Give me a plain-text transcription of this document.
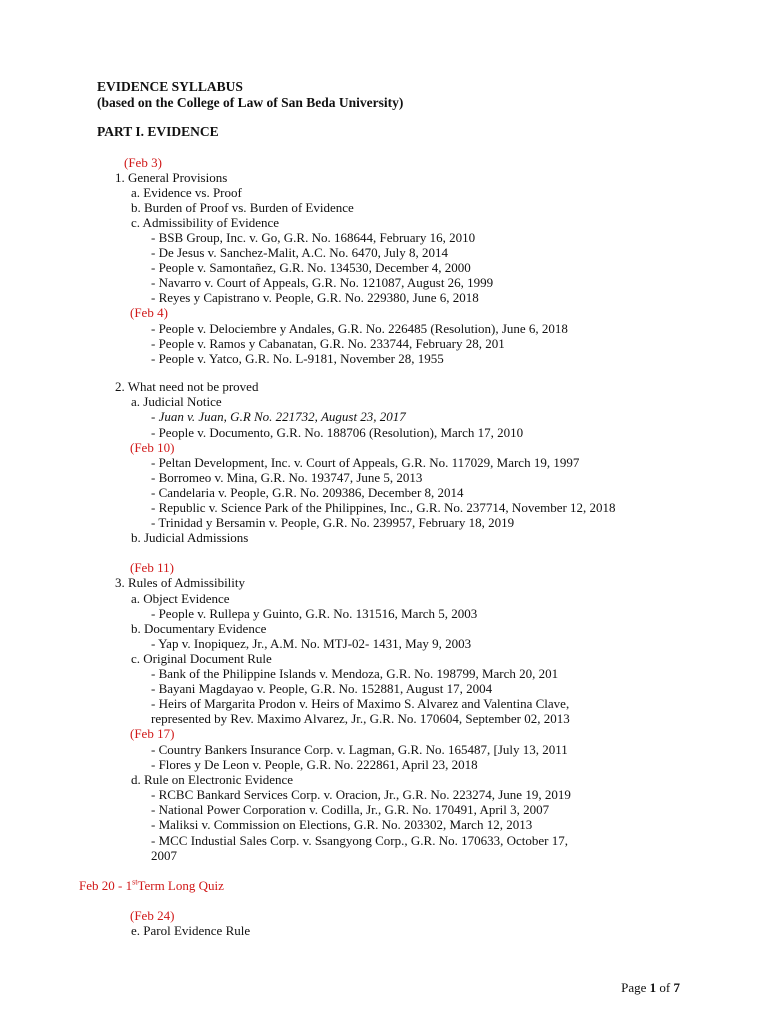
EVIDENCE SYLLABUS
(based on the College of Law of San Beda University)
PART I. EVIDENCE
(Feb 3)
1. General Provisions
a. Evidence vs. Proof
b. Burden of Proof vs. Burden of Evidence
c. Admissibility of Evidence
- BSB Group, Inc. v. Go, G.R. No. 168644, February 16, 2010
- De Jesus v. Sanchez-Malit, A.C. No. 6470, July 8, 2014
- People v. Samontañez, G.R. No. 134530, December 4, 2000
- Navarro v. Court of Appeals, G.R. No. 121087, August 26, 1999
- Reyes y Capistrano v. People, G.R. No. 229380, June 6, 2018
(Feb 4)
- People v. Delociembre y Andales, G.R. No. 226485 (Resolution), June 6, 2018
- People v. Ramos y Cabanatan, G.R. No. 233744, February 28, 201
- People v. Yatco, G.R. No. L-9181, November 28, 1955
2. What need not be proved
a. Judicial Notice
- Juan v. Juan, G.R No. 221732, August 23, 2017
- People v. Documento, G.R. No. 188706 (Resolution), March 17, 2010
(Feb 10)
- Peltan Development, Inc. v. Court of Appeals, G.R. No. 117029, March 19, 1997
- Borromeo v. Mina, G.R. No. 193747, June 5, 2013
- Candelaria v. People, G.R. No. 209386, December 8, 2014
- Republic v. Science Park of the Philippines, Inc., G.R. No. 237714, November 12, 2018
- Trinidad y Bersamin v. People, G.R. No. 239957, February 18, 2019
b. Judicial Admissions
(Feb 11)
3. Rules of Admissibility
a. Object Evidence
- People v. Rullepa y Guinto, G.R. No. 131516, March 5, 2003
b. Documentary Evidence
- Yap v. Inopiquez, Jr., A.M. No. MTJ-02- 1431, May 9, 2003
c. Original Document Rule
- Bank of the Philippine Islands v. Mendoza, G.R. No. 198799, March 20, 201
- Bayani Magdayao v. People, G.R. No. 152881, August 17, 2004
- Heirs of Margarita Prodon v. Heirs of Maximo S. Alvarez and Valentina Clave,
represented by Rev. Maximo Alvarez, Jr., G.R. No. 170604, September 02, 2013
(Feb 17)
- Country Bankers Insurance Corp. v. Lagman, G.R. No. 165487, [July 13, 2011
- Flores y De Leon v. People, G.R. No. 222861, April 23, 2018
d. Rule on Electronic Evidence
- RCBC Bankard Services Corp. v. Oracion, Jr., G.R. No. 223274, June 19, 2019
- National Power Corporation v. Codilla, Jr., G.R. No. 170491, April 3, 2007
- Maliksi v. Commission on Elections, G.R. No. 203302, March 12, 2013
- MCC Industial Sales Corp. v. Ssangyong Corp., G.R. No. 170633, October 17,
2007
Feb 20 - 1stTerm Long Quiz
(Feb 24)
e. Parol Evidence Rule
Page 1 of 7
